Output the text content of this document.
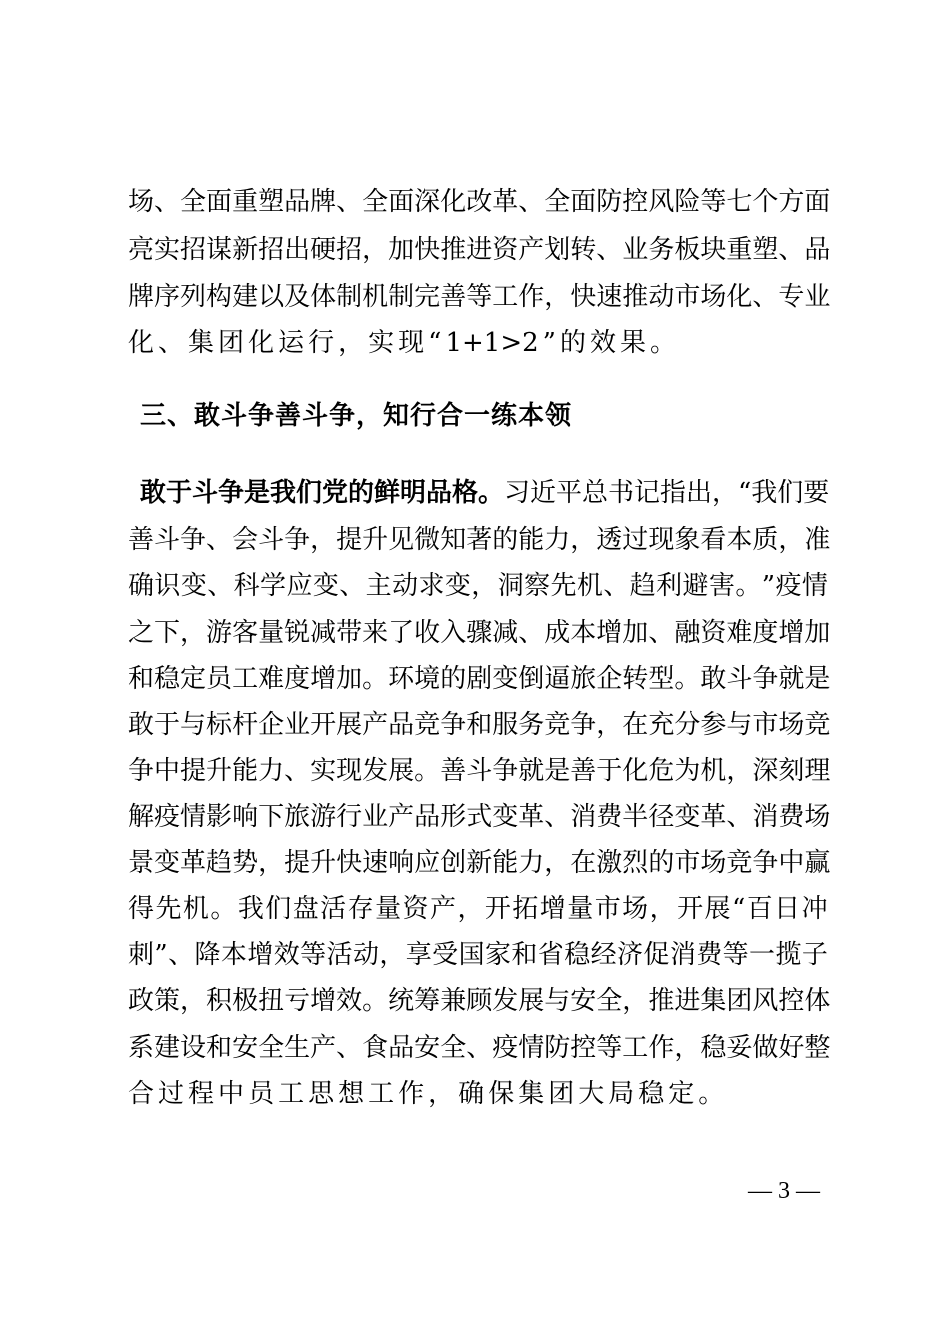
场 、 全 面 重 塑 品 牌 、 全 面 深 化 改 革 、 全 面 防 控 风 险 等 七 个 方 面
亮 实 招 谋 新 招 出 硬 招 ， 加 快 推 进 资 产 划 转 、 业 务 板 块 重 塑 、 品
牌 序 列 构 建 以 及 体 制 机 制 完 善 等 工 作 ， 快 速 推 动 市 场 化 、 专 业
化 、 集 团 化 运 行 ， 实 现 “ 1+1>2 ” 的 效 果 。
三、敢斗争善斗争，知行合一练本领
敢于斗争是我们党的鲜明品格。 习近平总书记指出，“我们要
善 斗 争 、 会 斗 争 ， 提 升 见 微 知 著 的 能 力 ， 透 过 现 象 看 本 质 ， 准
确 识 变 、 科 学 应 变 、 主 动 求 变 ， 洞 察 先 机 、 趋 利 避 害 。 ” 疫 情
之 下 ， 游 客 量 锐 减 带 来 了 收 入 骤 减 、 成 本 增 加 、 融 资 难 度 增 加
和 稳 定 员 工 难 度 增 加 。 环 境 的 剧 变 倒 逼 旅 企 转 型 。 敢 斗 争 就 是
敢 于 与 标 杆 企 业 开 展 产 品 竞 争 和 服 务 竞 争 ， 在 充 分 参 与 市 场 竞
争 中 提 升 能 力 、 实 现 发 展 。 善 斗 争 就 是 善 于 化 危 为 机 ， 深 刻 理
解 疫 情 影 响 下 旅 游 行 业 产 品 形 式 变 革 、 消 费 半 径 变 革 、 消 费 场
景 变 革 趋 势 ， 提 升 快 速 响 应 创 新 能 力 ， 在 激 烈 的 市 场 竞 争 中 赢
得 先 机 。 我 们 盘 活 存 量 资 产 ， 开 拓 增 量 市 场 ， 开 展 “ 百 日 冲
刺 ” 、 降 本 增 效 等 活 动 ， 享 受 国 家 和 省 稳 经 济 促 消 费 等 一 揽 子
政 策 ， 积 极 扭 亏 增 效 。 统 筹 兼 顾 发 展 与 安 全 ， 推 进 集 团 风 控 体
系 建 设 和 安 全 生 产 、 食 品 安 全 、 疫 情 防 控 等 工 作 ， 稳 妥 做 好 整
合 过 程 中 员 工 思 想 工 作 ， 确 保 集 团 大 局 稳 定 。
— 3 —
